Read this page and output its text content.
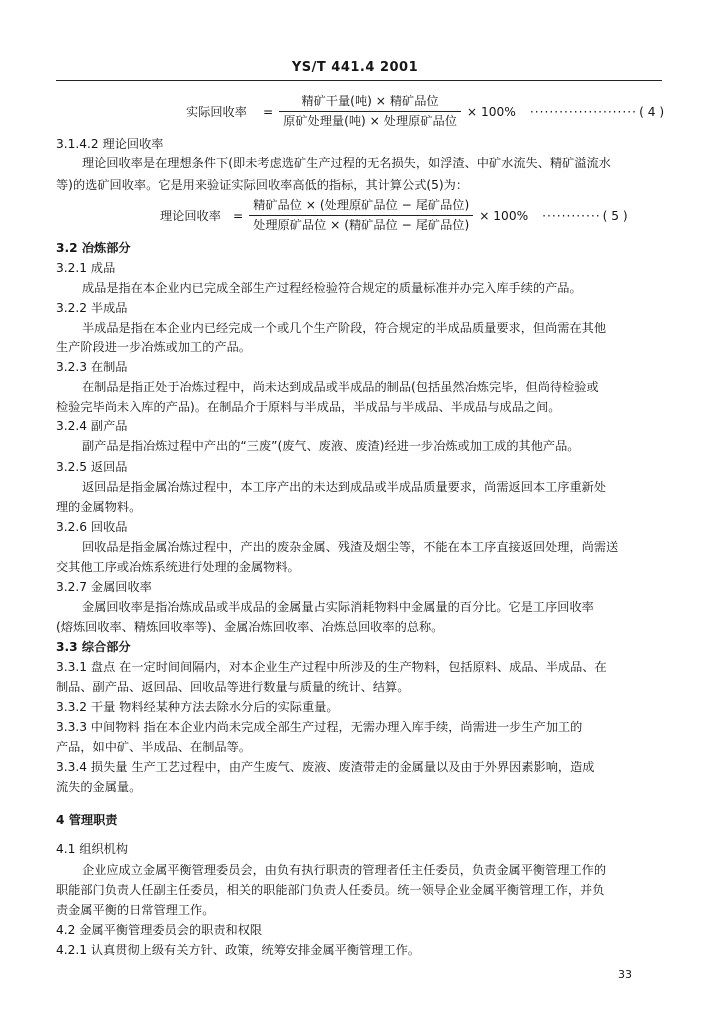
YS/T 441.4 2001
实际回收率 = $\frac{\text{精矿干量(吨) × 精矿品位}}{\text{原矿处理量(吨) × 处理原矿品位}} \times 100\%$ ······················ ( 4 )
3.1.4.2 理论回收率
理论回收率是在理想条件下(即未考虑选矿生产过程的无名损失，如浮渣、中矿水流失、精矿溢流水
等)的选矿回收率。它是用来验证实际回收率高低的指标，其计算公式(5)为：
理论回收率 = $\frac{\text{精矿品位 × (处理原矿品位 − 尾矿品位)}}{\text{处理原矿品位 × (精矿品位 − 尾矿品位)}} \times 100\%$ ············ ( 5 )
3.2 冶炼部分
3.2.1 成品
成品是指在本企业内已完成全部生产过程经检验符合规定的质量标准并办完入库手续的产品。
3.2.2 半成品
半成品是指在本企业内已经完成一个或几个生产阶段，符合规定的半成品质量要求，但尚需在其他
生产阶段进一步冶炼或加工的产品。
3.2.3 在制品
在制品是指正处于冶炼过程中，尚未达到成品或半成品的制品(包括虽然冶炼完毕，但尚待检验或
检验完毕尚未入库的产品)。在制品介于原料与半成品，半成品与半成品、半成品与成品之间。
3.2.4 副产品
副产品是指冶炼过程中产出的“三废”(废气、废液、废渣)经进一步冶炼或加工成的其他产品。
3.2.5 返回品
返回品是指金属冶炼过程中，本工序产出的未达到成品或半成品质量要求，尚需返回本工序重新处
理的金属物料。
3.2.6 回收品
回收品是指金属冶炼过程中，产出的废杂金属、残渣及烟尘等，不能在本工序直接返回处理，尚需送
交其他工序或冶炼系统进行处理的金属物料。
3.2.7 金属回收率
金属回收率是指冶炼成品或半成品的金属量占实际消耗物料中金属量的百分比。它是工序回收率
(熔炼回收率、精炼回收率等)、金属冶炼回收率、冶炼总回收率的总称。
3.3 综合部分
3.3.1 盘点 在一定时间间隔内，对本企业生产过程中所涉及的生产物料，包括原料、成品、半成品、在
制品、副产品、返回品、回收品等进行数量与质量的统计、结算。
3.3.2 干量 物料经某种方法去除水分后的实际重量。
3.3.3 中间物料 指在本企业内尚未完成全部生产过程，无需办理入库手续，尚需进一步生产加工的
产品，如中矿、半成品、在制品等。
3.3.4 损失量 生产工艺过程中，由产生废气、废液、废渣带走的金属量以及由于外界因素影响，造成
流失的金属量。
4 管理职责
4.1 组织机构
企业应成立金属平衡管理委员会，由负有执行职责的管理者任主任委员，负责金属平衡管理工作的
职能部门负责人任副主任委员，相关的职能部门负责人任委员。统一领导企业金属平衡管理工作，并负
责金属平衡的日常管理工作。
4.2 金属平衡管理委员会的职责和权限
4.2.1 认真贯彻上级有关方针、政策，统筹安排金属平衡管理工作。
33
